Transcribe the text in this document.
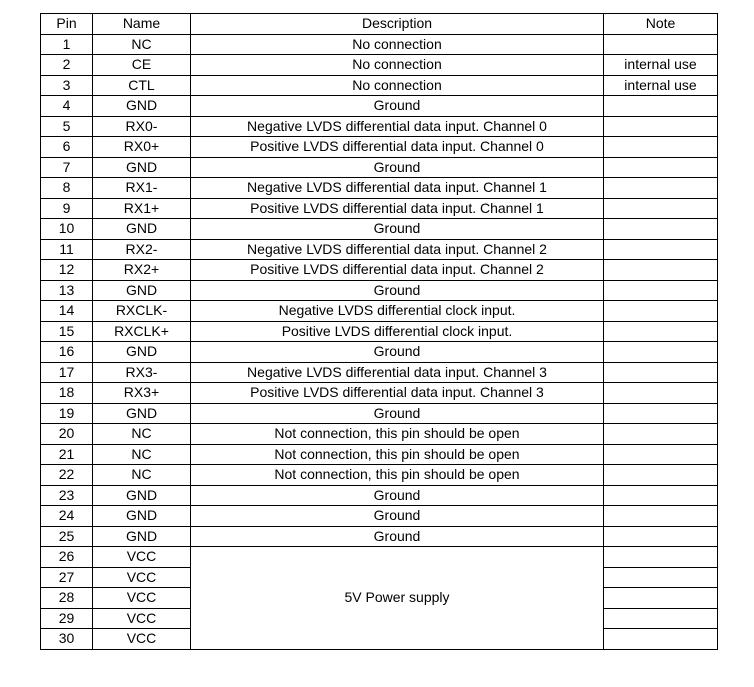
Pin	Name	Description	Note
1	NC	No connection	
2	CE	No connection	internal use
3	CTL	No connection	internal use
4	GND	Ground	
5	RX0-	Negative LVDS differential data input. Channel 0	
6	RX0+	Positive LVDS differential data input. Channel 0	
7	GND	Ground	
8	RX1-	Negative LVDS differential data input. Channel 1	
9	RX1+	Positive LVDS differential data input. Channel 1	
10	GND	Ground	
11	RX2-	Negative LVDS differential data input. Channel 2	
12	RX2+	Positive LVDS differential data input. Channel 2	
13	GND	Ground	
14	RXCLK-	Negative LVDS differential clock input.	
15	RXCLK+	Positive LVDS differential clock input.	
16	GND	Ground	
17	RX3-	Negative LVDS differential data input. Channel 3	
18	RX3+	Positive LVDS differential data input. Channel 3	
19	GND	Ground	
20	NC	Not connection, this pin should be open	
21	NC	Not connection, this pin should be open	
22	NC	Not connection, this pin should be open	
23	GND	Ground	
24	GND	Ground	
25	GND	Ground	
26	VCC	5V Power supply	
27	VCC		
28	VCC		
29	VCC		
30	VCC		
